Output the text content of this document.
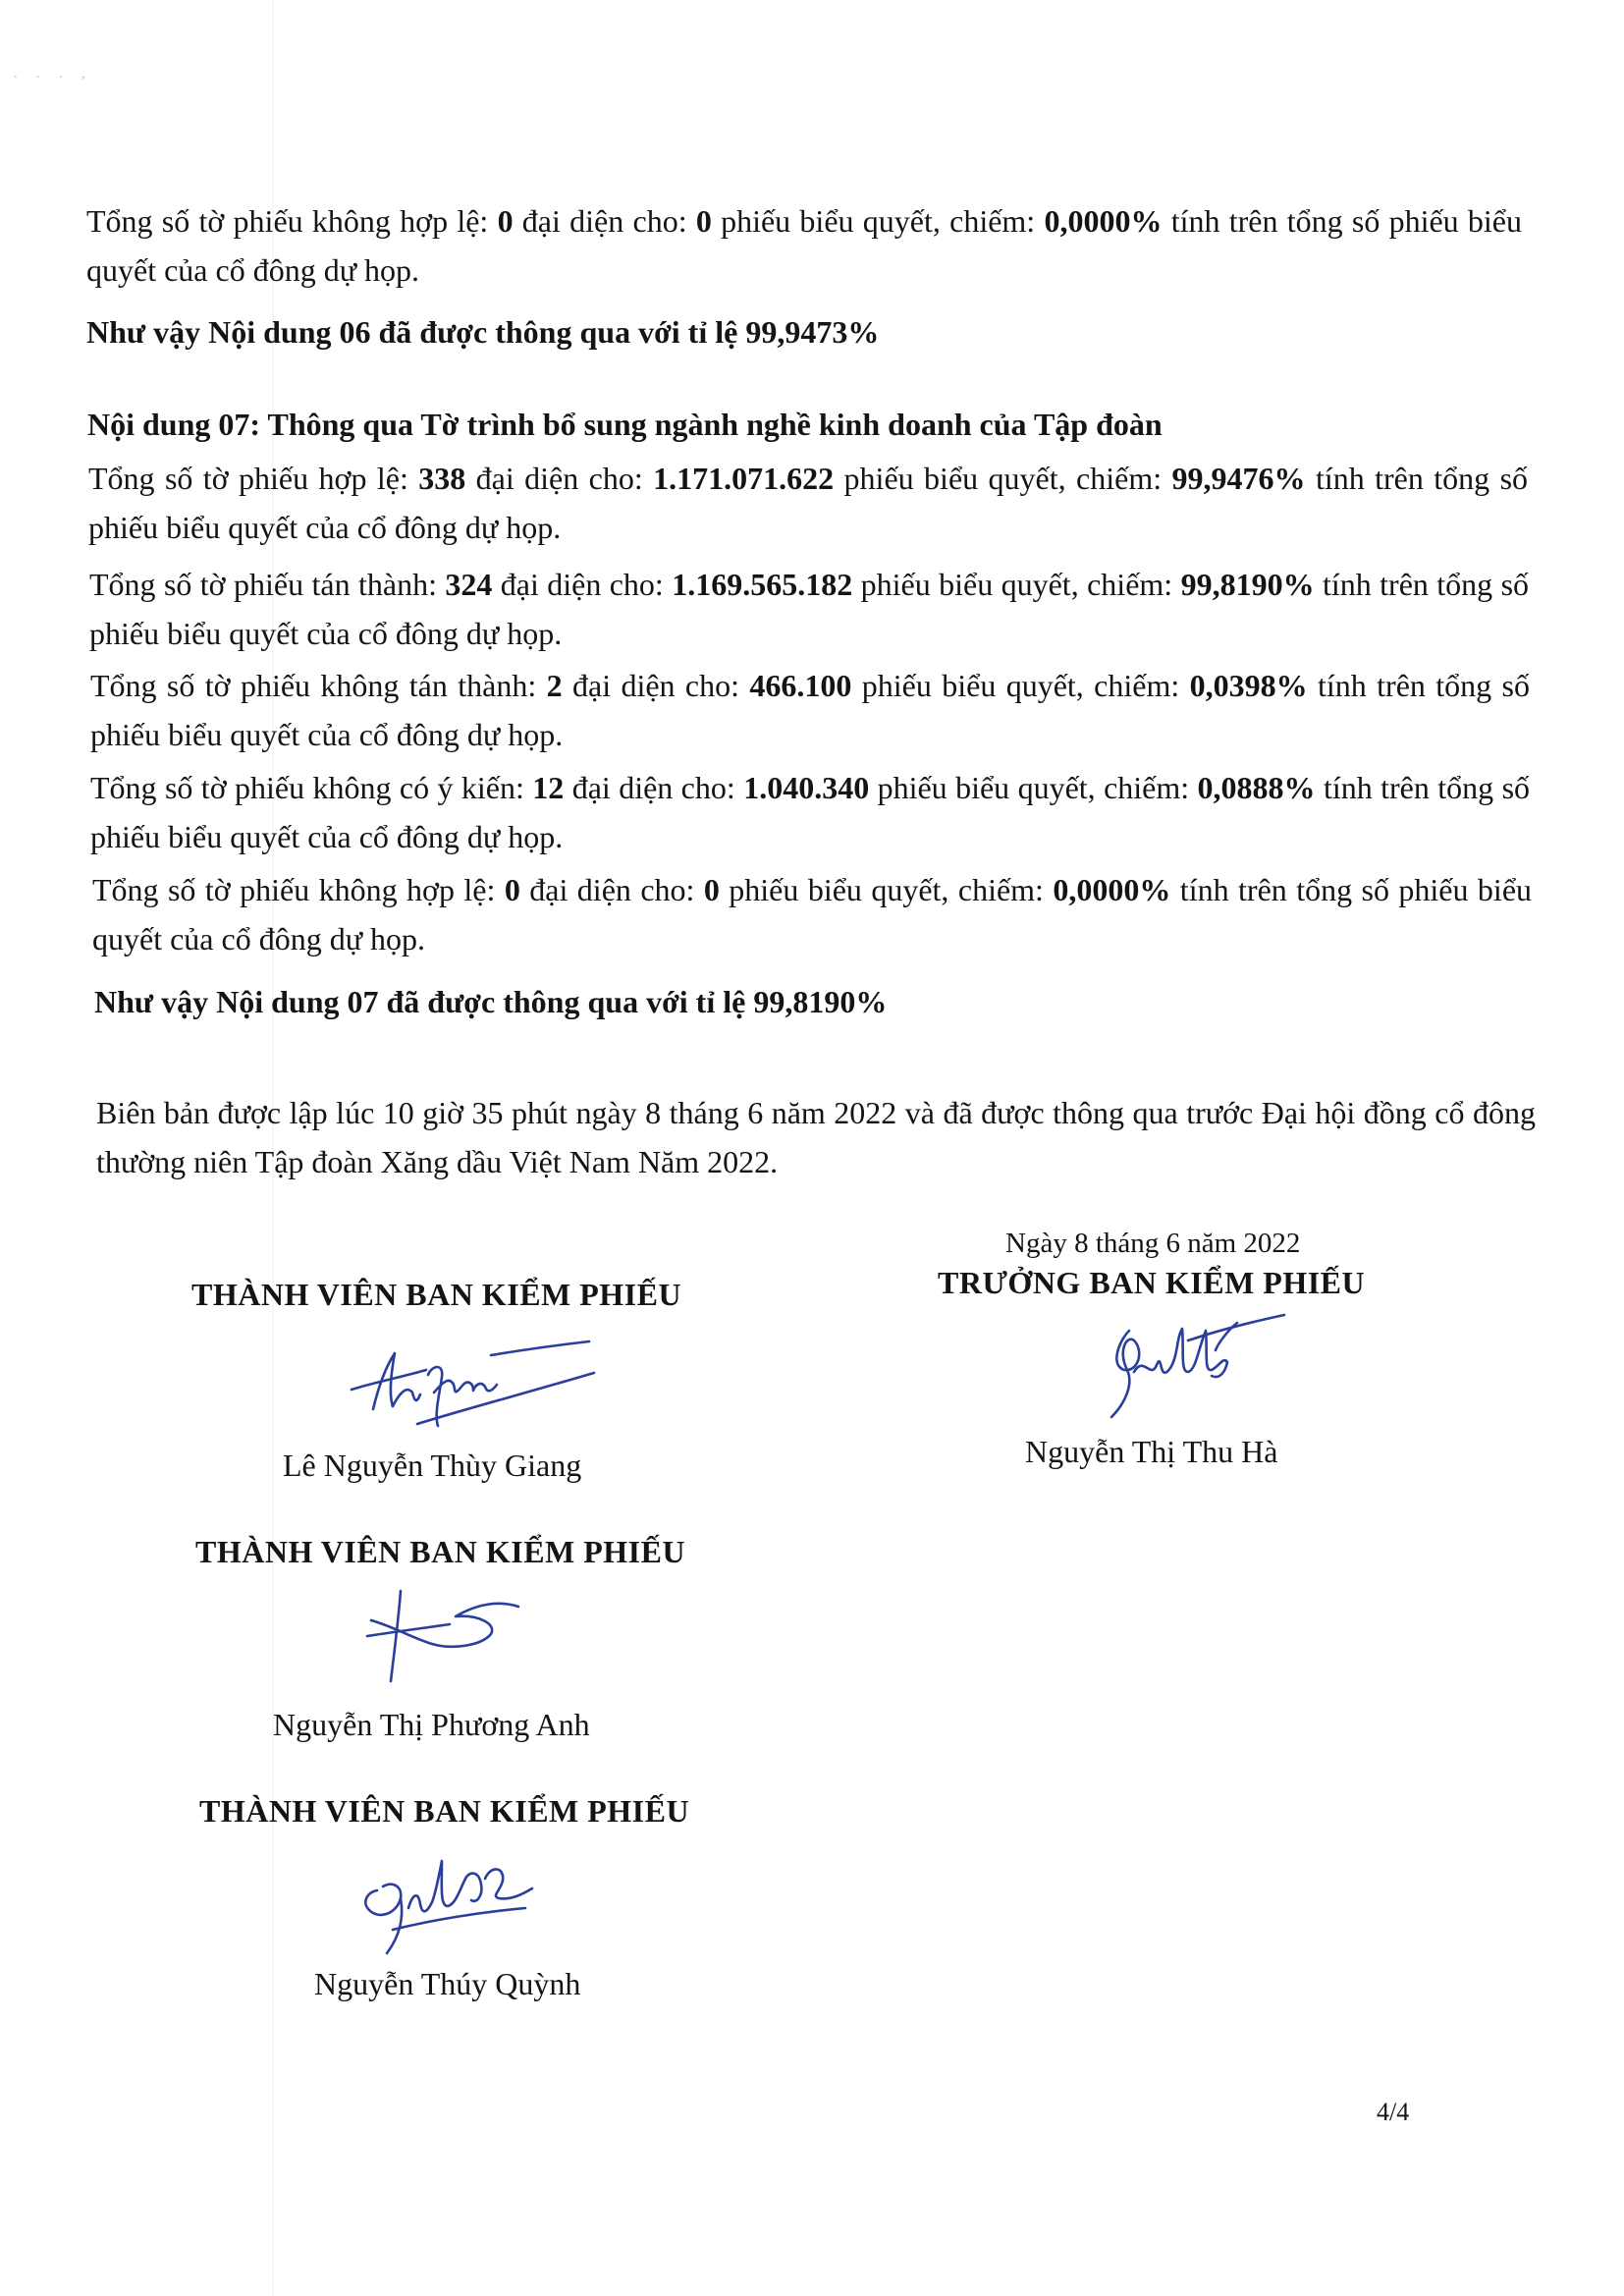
. . . ,
Tổng số tờ phiếu không hợp lệ: 0 đại diện cho: 0 phiếu biểu quyết, chiếm: 0,0000% tính trên tổng số phiếu biểu quyết của cổ đông dự họp.
Như vậy Nội dung 06 đã được thông qua với tỉ lệ 99,9473%
Nội dung 07: Thông qua Tờ trình bổ sung ngành nghề kinh doanh của Tập đoàn
Tổng số tờ phiếu hợp lệ: 338 đại diện cho: 1.171.071.622 phiếu biểu quyết, chiếm: 99,9476% tính trên tổng số phiếu biểu quyết của cổ đông dự họp.
Tổng số tờ phiếu tán thành: 324 đại diện cho: 1.169.565.182 phiếu biểu quyết, chiếm: 99,8190% tính trên tổng số phiếu biểu quyết của cổ đông dự họp.
Tổng số tờ phiếu không tán thành: 2 đại diện cho: 466.100 phiếu biểu quyết, chiếm: 0,0398% tính trên tổng số phiếu biểu quyết của cổ đông dự họp.
Tổng số tờ phiếu không có ý kiến: 12 đại diện cho: 1.040.340 phiếu biểu quyết, chiếm: 0,0888% tính trên tổng số phiếu biểu quyết của cổ đông dự họp.
Tổng số tờ phiếu không hợp lệ: 0 đại diện cho: 0 phiếu biểu quyết, chiếm: 0,0000% tính trên tổng số phiếu biểu quyết của cổ đông dự họp.
Như vậy Nội dung 07 đã được thông qua với tỉ lệ 99,8190%
Biên bản được lập lúc 10 giờ 35 phút ngày 8 tháng 6 năm 2022 và đã được thông qua trước Đại hội đồng cổ đông thường niên Tập đoàn Xăng dầu Việt Nam Năm 2022.
Ngày 8 tháng 6 năm 2022
TRƯỞNG BAN KIỂM PHIẾU
Nguyễn Thị Thu Hà
THÀNH VIÊN BAN KIỂM PHIẾU
Lê Nguyễn Thùy Giang
THÀNH VIÊN BAN KIỂM PHIẾU
Nguyễn Thị Phương Anh
THÀNH VIÊN BAN KIỂM PHIẾU
Nguyễn Thúy Quỳnh
4/4
